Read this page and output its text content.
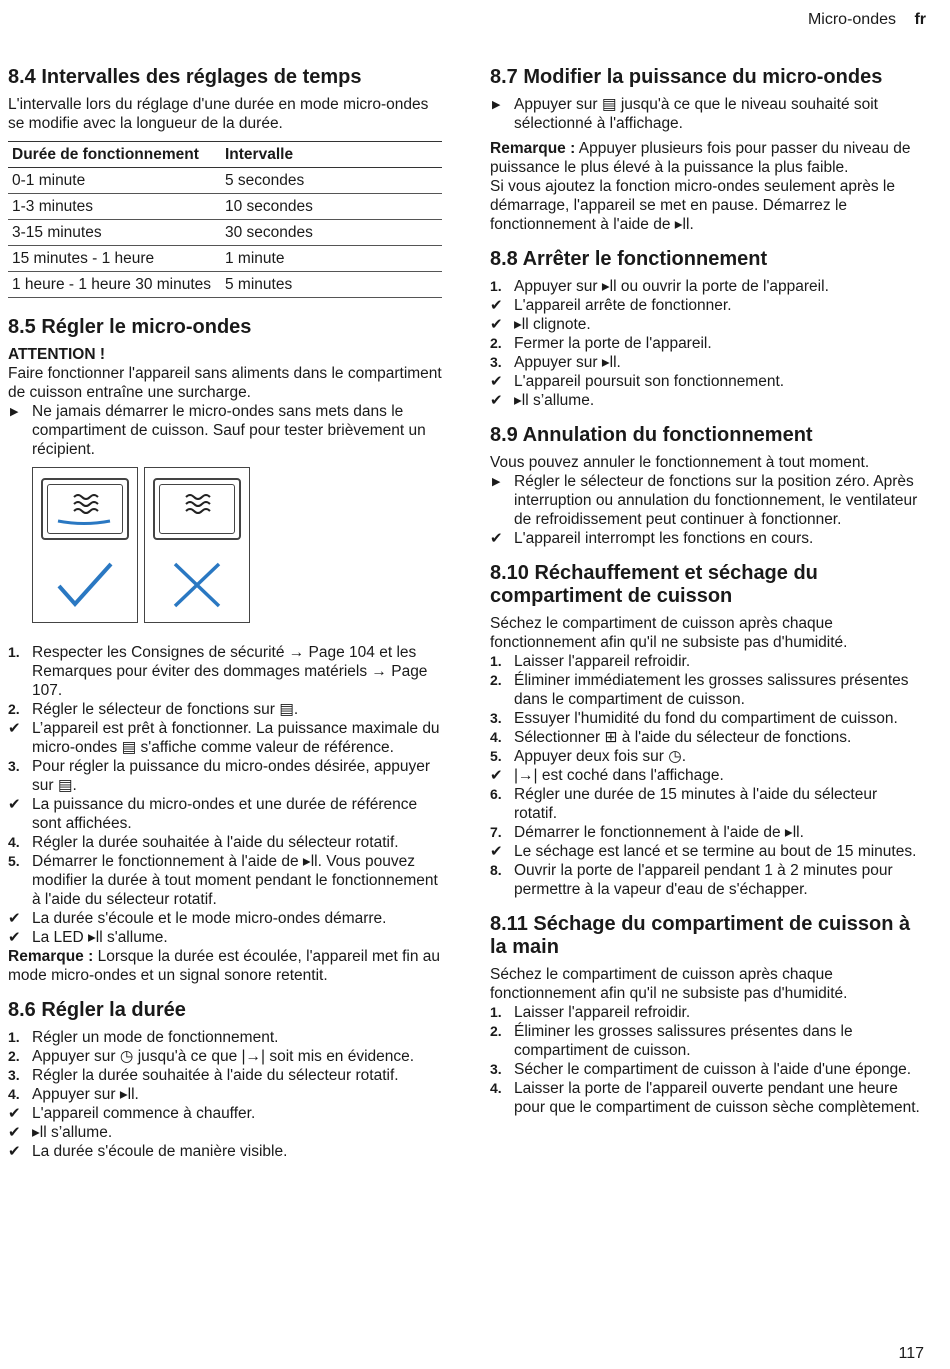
Micro-ondes fr
8.4 Intervalles des réglages de temps

L'intervalle lors du réglage d'une durée en mode micro-ondes se modifie avec la longueur de la durée.

Durée de fonctionnement	Intervalle
0-1 minute	5 secondes
1-3 minutes	10 secondes
3-15 minutes	30 secondes
15 minutes - 1 heure	1 minute
1 heure - 1 heure 30 minutes	5 minutes
8.5 Régler le micro-ondes

ATTENTION !

Faire fonctionner l'appareil sans aliments dans le compartiment de cuisson entraîne une surcharge.

▶ Ne jamais démarrer le micro-ondes sans mets dans le compartiment de cuisson. Sauf pour tester brièvement un récipient.
1. Respecter les Consignes de sécurité → Page 104 et les Remarques pour éviter des dommages matériels → Page 107.
2. Régler le sélecteur de fonctions sur ▤.
✔ L’appareil est prêt à fonctionner. La puissance maximale du micro-ondes ▤ s'affiche comme valeur de référence.
3. Pour régler la puissance du micro-ondes désirée, appuyer sur ▤.
✔ La puissance du micro-ondes et une durée de référence sont affichées.
4. Régler la durée souhaitée à l'aide du sélecteur rotatif.
5. Démarrer le fonctionnement à l'aide de ▸ll. Vous pouvez modifier la durée à tout moment pendant le fonctionnement à l'aide du sélecteur rotatif.
✔ La durée s'écoule et le mode micro-ondes démarre.
✔ La LED ▸ll s'allume.

Remarque : Lorsque la durée est écoulée, l'appareil met fin au mode micro-ondes et un signal sonore retentit.

8.6 Régler la durée
1. Régler un mode de fonctionnement.
2. Appuyer sur ◷ jusqu'à ce que |→| soit mis en évidence.
3. Régler la durée souhaitée à l'aide du sélecteur rotatif.
4. Appuyer sur ▸ll.
✔ L'appareil commence à chauffer.
✔ ▸ll s’allume.
✔ La durée s'écoule de manière visible.
8.7 Modifier la puissance du micro-ondes
▶ Appuyer sur ▤ jusqu'à ce que le niveau souhaité soit sélectionné à l'affichage.

Remarque : Appuyer plusieurs fois pour passer du niveau de puissance le plus élevé à la puissance la plus faible.

Si vous ajoutez la fonction micro-ondes seulement après le démarrage, l'appareil se met en pause. Démarrez le fonctionnement à l'aide de ▸ll.

8.8 Arrêter le fonctionnement
1. Appuyer sur ▸ll ou ouvrir la porte de l'appareil.
✔ L'appareil arrête de fonctionner.
✔ ▸ll clignote.
2. Fermer la porte de l'appareil.
3. Appuyer sur ▸ll.
✔ L'appareil poursuit son fonctionnement.
✔ ▸ll s’allume.
8.9 Annulation du fonctionnement

Vous pouvez annuler le fonctionnement à tout moment.

▶ Régler le sélecteur de fonctions sur la position zéro. Après interruption ou annulation du fonctionnement, le ventilateur de refroidissement peut continuer à fonctionner.
✔ L'appareil interrompt les fonctions en cours.
8.10 Réchauffement et séchage du compartiment de cuisson

Séchez le compartiment de cuisson après chaque fonctionnement afin qu'il ne subsiste pas d'humidité.

1. Laisser l'appareil refroidir.
2. Éliminer immédiatement les grosses salissures présentes dans le compartiment de cuisson.
3. Essuyer l'humidité du fond du compartiment de cuisson.
4. Sélectionner ⊞ à l'aide du sélecteur de fonctions.
5. Appuyer deux fois sur ◷.
✔ |→| est coché dans l'affichage.
6. Régler une durée de 15 minutes à l'aide du sélecteur rotatif.
7. Démarrer le fonctionnement à l'aide de ▸ll.
✔ Le séchage est lancé et se termine au bout de 15 minutes.
8. Ouvrir la porte de l'appareil pendant 1 à 2 minutes pour permettre à la vapeur d'eau de s'échapper.
8.11 Séchage du compartiment de cuisson à la main

Séchez le compartiment de cuisson après chaque fonctionnement afin qu'il ne subsiste pas d'humidité.

1. Laisser l'appareil refroidir.
2. Éliminer les grosses salissures présentes dans le compartiment de cuisson.
3. Sécher le compartiment de cuisson à l'aide d'une éponge.
4. Laisser la porte de l'appareil ouverte pendant une heure pour que le compartiment de cuisson sèche complètement.
117
